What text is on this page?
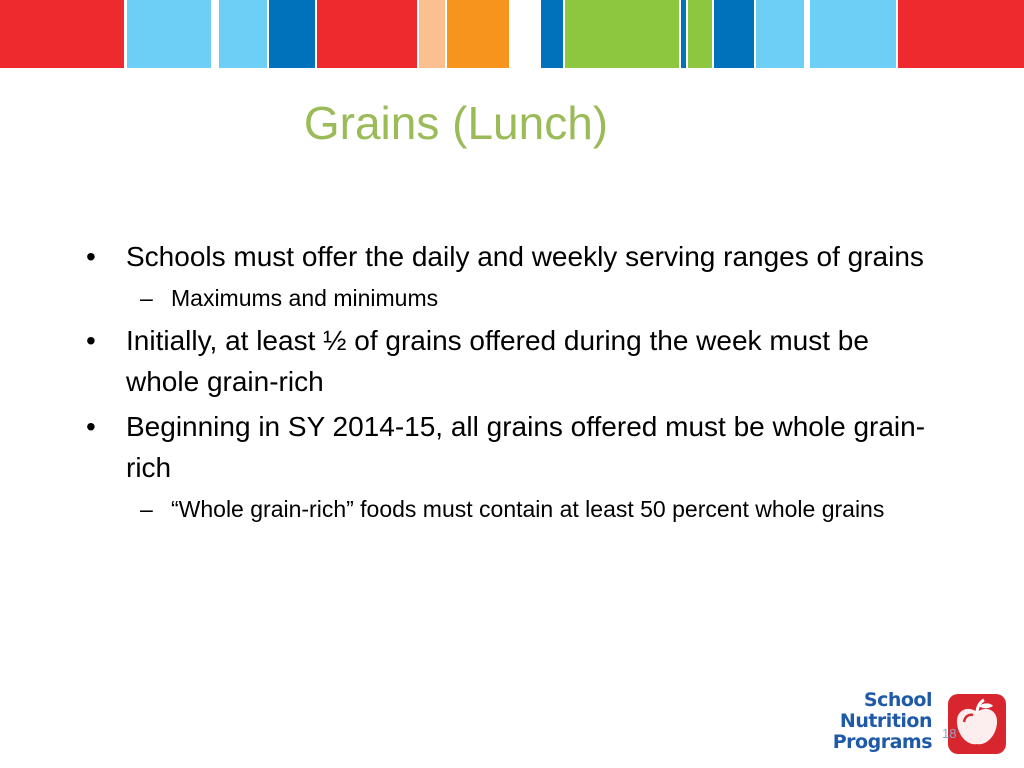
Grains (Lunch)
• Schools must offer the daily and weekly serving ranges of grains
– Maximums and minimums
• Initially, at least ½ of grains offered during the week must be whole grain-rich
• Beginning in SY 2014-15, all grains offered must be whole grain-rich
– “Whole grain-rich” foods must contain at least 50 percent whole grains
School
Nutrition
Programs 18
